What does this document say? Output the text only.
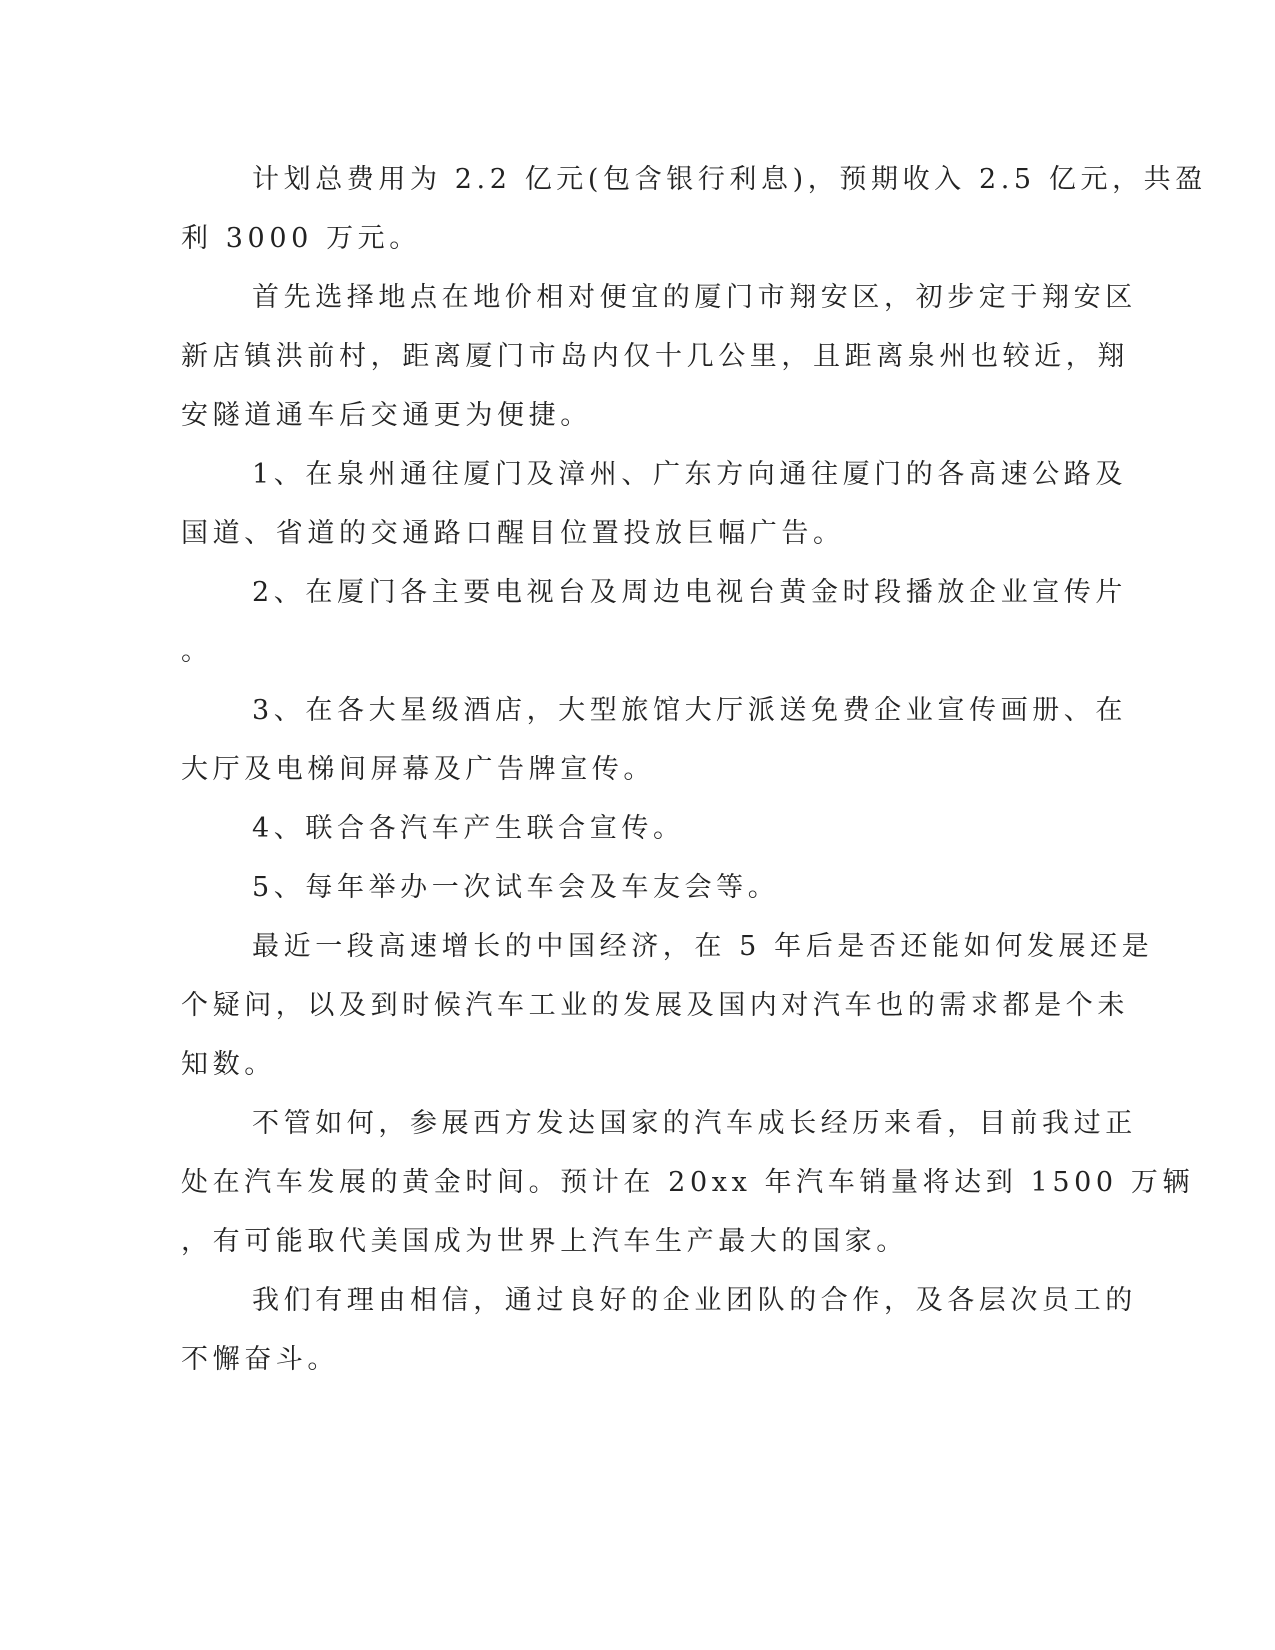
计划总费用为 2.2 亿元(包含银行利息)，预期收入 2.5 亿元，共盈
利 3000 万元。
首先选择地点在地价相对便宜的厦门市翔安区，初步定于翔安区
新店镇洪前村，距离厦门市岛内仅十几公里，且距离泉州也较近，翔
安隧道通车后交通更为便捷。
1、在泉州通往厦门及漳州、广东方向通往厦门的各高速公路及
国道、省道的交通路口醒目位置投放巨幅广告。
2、在厦门各主要电视台及周边电视台黄金时段播放企业宣传片
。
3、在各大星级酒店，大型旅馆大厅派送免费企业宣传画册、在
大厅及电梯间屏幕及广告牌宣传。
4、联合各汽车产生联合宣传。
5、每年举办一次试车会及车友会等。
最近一段高速增长的中国经济，在 5 年后是否还能如何发展还是
个疑问，以及到时候汽车工业的发展及国内对汽车也的需求都是个未
知数。
不管如何，参展西方发达国家的汽车成长经历来看，目前我过正
处在汽车发展的黄金时间。预计在 20xx 年汽车销量将达到 1500 万辆
，有可能取代美国成为世界上汽车生产最大的国家。
我们有理由相信，通过良好的企业团队的合作，及各层次员工的
不懈奋斗。
